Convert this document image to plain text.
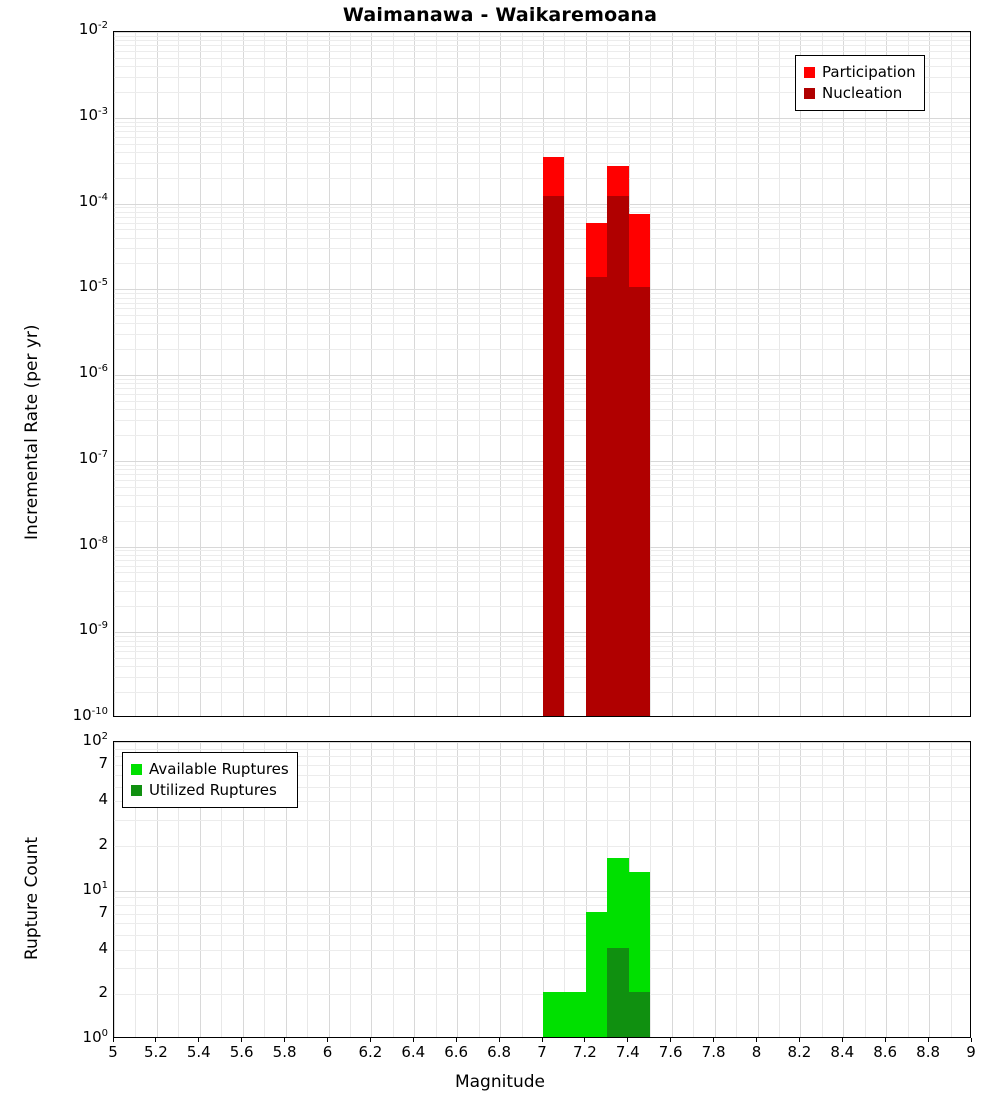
Waimanawa - Waikaremoana
Incremental Rate (per yr)
$10^{-2}$
$10^{-3}$
$10^{-4}$
$10^{-5}$
$10^{-6}$
$10^{-7}$
$10^{-8}$
$10^{-9}$
$10^{-10}$
Participation
Nucleation
Rupture Count
$10^2$
7
4
2
$10^1$
7
4
2
$10^0$
Available Ruptures
Utilized Ruptures
5	5.2	5.4	5.6	5.8	6	6.2	6.4	6.6	6.8	7	7.2	7.4	7.6	7.8	8	8.2	8.4	8.6	8.8	9
Magnitude
